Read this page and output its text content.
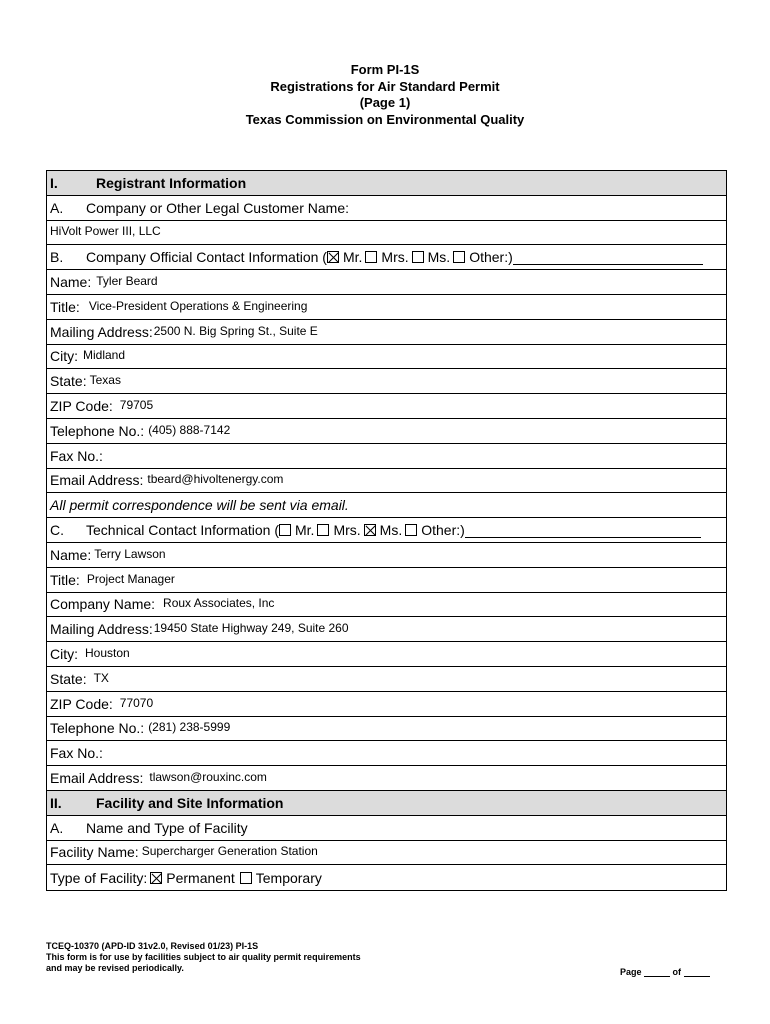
Form PI-1S
Registrations for Air Standard Permit
(Page 1)
Texas Commission on Environmental Quality
I.	Registrant Information
A.	Company or Other Legal Customer Name:
HiVolt Power III, LLC
B.	Company Official Contact Information ( Mr. Mrs. Ms. Other:)
Name: Tyler Beard
Title: Vice-President Operations & Engineering
Mailing Address: 2500 N. Big Spring St., Suite E
City: Midland
State: Texas
ZIP Code: 79705
Telephone No.: (405) 888-7142
Fax No.:
Email Address: tbeard@hivoltenergy.com
All permit correspondence will be sent via email.
C.	Technical Contact Information ( Mr. Mrs. Ms. Other:)
Name: Terry Lawson
Title: Project Manager
Company Name: Roux Associates, Inc
Mailing Address: 19450 State Highway 249, Suite 260
City: Houston
State: TX
ZIP Code: 77070
Telephone No.: (281) 238-5999
Fax No.:
Email Address: tlawson@rouxinc.com
II.	Facility and Site Information
A.	Name and Type of Facility
Facility Name: Supercharger Generation Station
Type of Facility: Permanent Temporary
TCEQ-10370 (APD-ID 31v2.0, Revised 01/23) PI-1S
This form is for use by facilities subject to air quality permit requirements
and may be revised periodically.	Page	of
